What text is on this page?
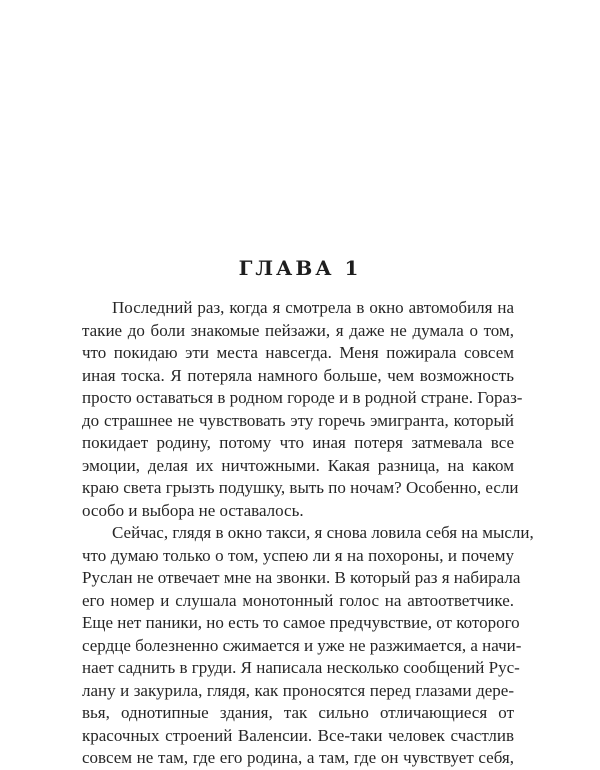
ГЛАВА 1
Последний раз, когда я смотрела в окно автомобиля на
такие до боли знакомые пейзажи, я даже не думала о том,
что покидаю эти места навсегда. Меня пожирала совсем
иная тоска. Я потеряла намного больше, чем возможность
просто оставаться в родном городе и в родной стране. Гораз-
до страшнее не чувствовать эту горечь эмигранта, который
покидает родину, потому что иная потеря затмевала все
эмоции, делая их ничтожными. Какая разница, на каком
краю света грызть подушку, выть по ночам? Особенно, если
особо и выбора не оставалось.
Сейчас, глядя в окно такси, я снова ловила себя на мысли,
что думаю только о том, успею ли я на похороны, и почему
Руслан не отвечает мне на звонки. В который раз я набирала
его номер и слушала монотонный голос на автоответчике.
Еще нет паники, но есть то самое предчувствие, от которого
сердце болезненно сжимается и уже не разжимается, а начи-
нает саднить в груди. Я написала несколько сообщений Рус-
лану и закурила, глядя, как проносятся перед глазами дере-
вья, однотипные здания, так сильно отличающиеся от
красочных строений Валенсии. Все-таки человек счастлив
совсем не там, где его родина, а там, где он чувствует себя,
